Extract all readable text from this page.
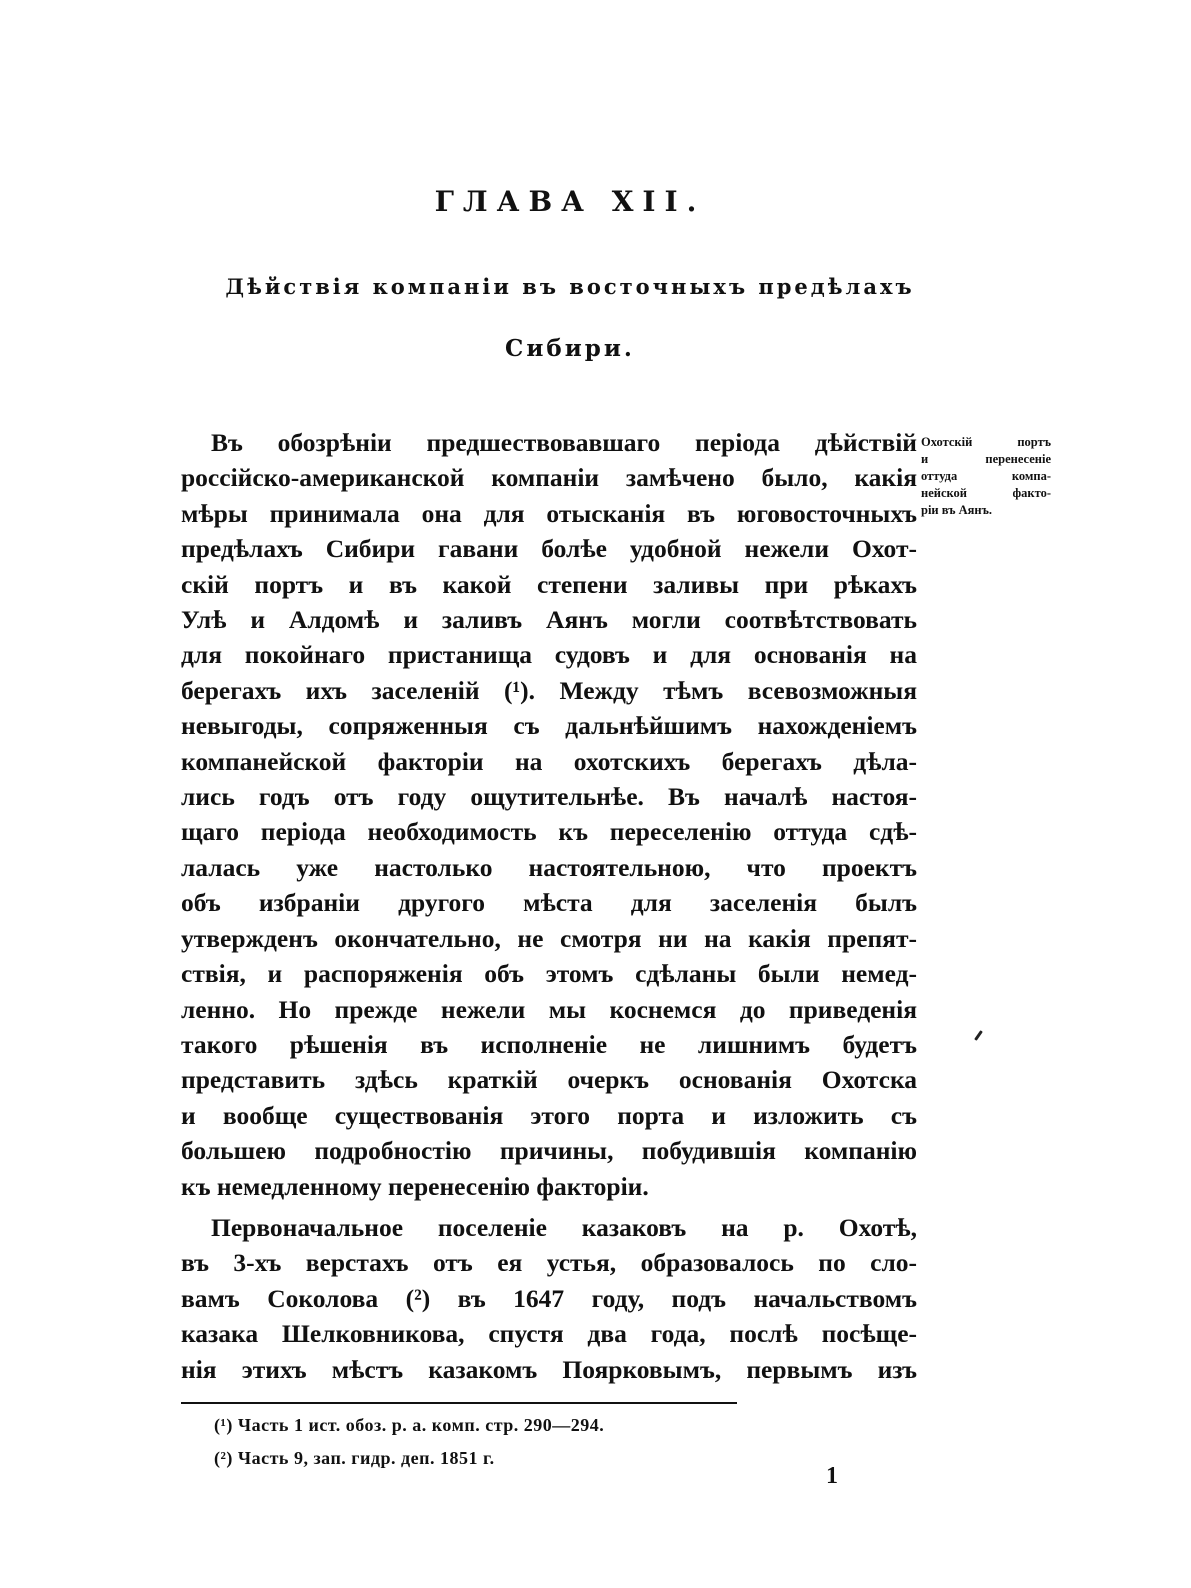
ГЛАВА XII.
Дѣйствія компаніи въ восточныхъ предѣлахъ
Сибири.
Въ обозрѣніи предшествовавшаго періода дѣйствій
россійско-американской компаніи замѣчено было, какія
мѣры принимала она для отысканія въ юговосточныхъ
предѣлахъ Сибири гавани болѣе удобной нежели Охот-
скій портъ и въ какой степени заливы при рѣкахъ
Улѣ и Алдомѣ и заливъ Аянъ могли соотвѣтствовать
для покойнаго пристанища судовъ и для основанія на
берегахъ ихъ заселеній (¹). Между тѣмъ всевозможныя
невыгоды, сопряженныя съ дальнѣйшимъ нахожденіемъ
компанейской факторіи на охотскихъ берегахъ дѣла-
лись годъ отъ году ощутительнѣе. Въ началѣ настоя-
щаго періода необходимость къ переселенію оттуда сдѣ-
лалась уже настолько настоятельною, что проектъ
объ избраніи другого мѣста для заселенія былъ
утвержденъ окончательно, не смотря ни на какія препят-
ствія, и распоряженія объ этомъ сдѣланы были немед-
ленно. Но прежде нежели мы коснемся до приведенія
такого рѣшенія въ исполненіе не лишнимъ будетъ
представить здѣсь краткій очеркъ основанія Охотска
и вообще существованія этого порта и изложить съ
большею подробностію причины, побудившія компанію
къ немедленному перенесенію факторіи.
Первоначальное поселеніе казаковъ на р. Охотѣ,
въ 3-хъ верстахъ отъ ея устья, образовалось по сло-
вамъ Соколова (²) въ 1647 году, подъ начальствомъ
казака Шелковникова, спустя два года, послѣ посѣще-
нія этихъ мѣстъ казакомъ Поярковымъ, первымъ изъ
Охотскій портъ
и перенесеніе
оттуда компа-
нейской факто-
ріи въ Аянъ.
(¹) Часть 1 ист. обоз. р. а. комп. стр. 290—294.
(²) Часть 9, зап. гидр. деп. 1851 г.
1
